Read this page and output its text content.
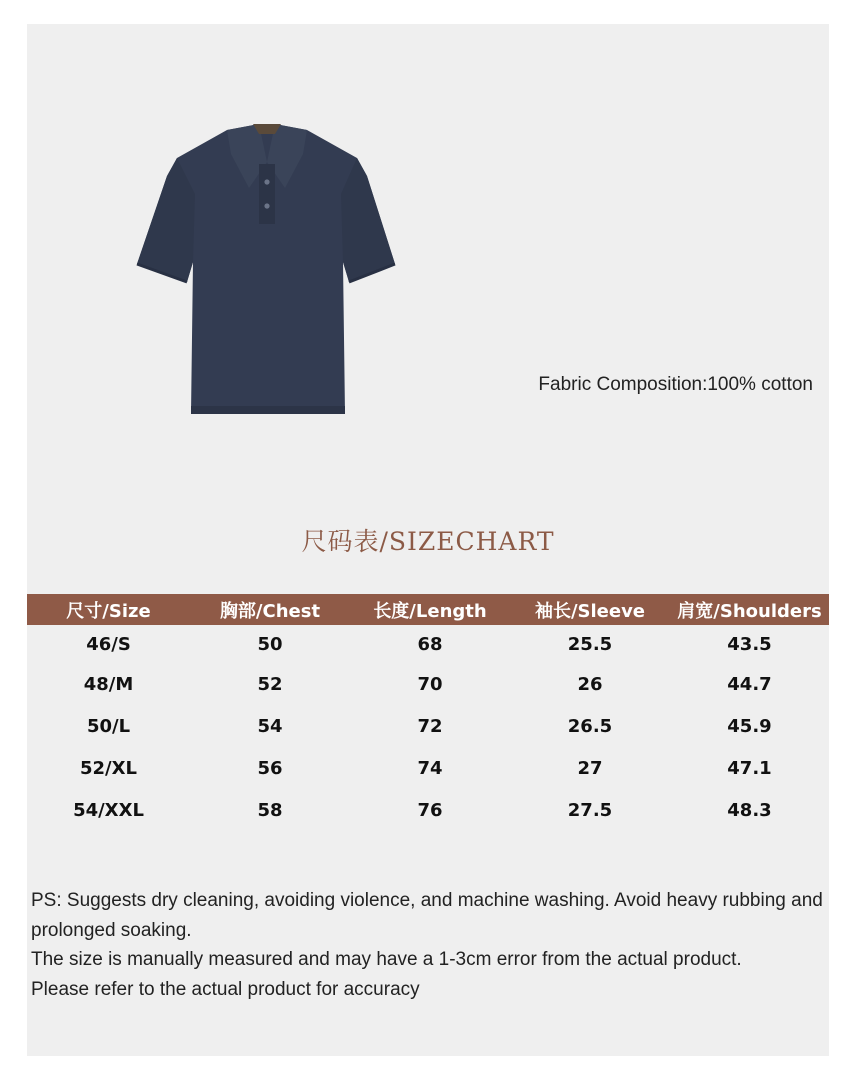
Fabric Composition:100% cotton
尺码表/SIZECHART
尺寸/Size	胸部/Chest	长度/Length	袖长/Sleeve	肩宽/Shoulders
46/S	50	68	25.5	43.5
48/M	52	70	26	44.7
50/L	54	72	26.5	45.9
52/XL	56	74	27	47.1
54/XXL	58	76	27.5	48.3

PS: Suggests dry cleaning, avoiding violence, and machine washing. Avoid heavy rubbing and prolonged soaking.

The size is manually measured and may have a 1-3cm error from the actual product.

Please refer to the actual product for accuracy
